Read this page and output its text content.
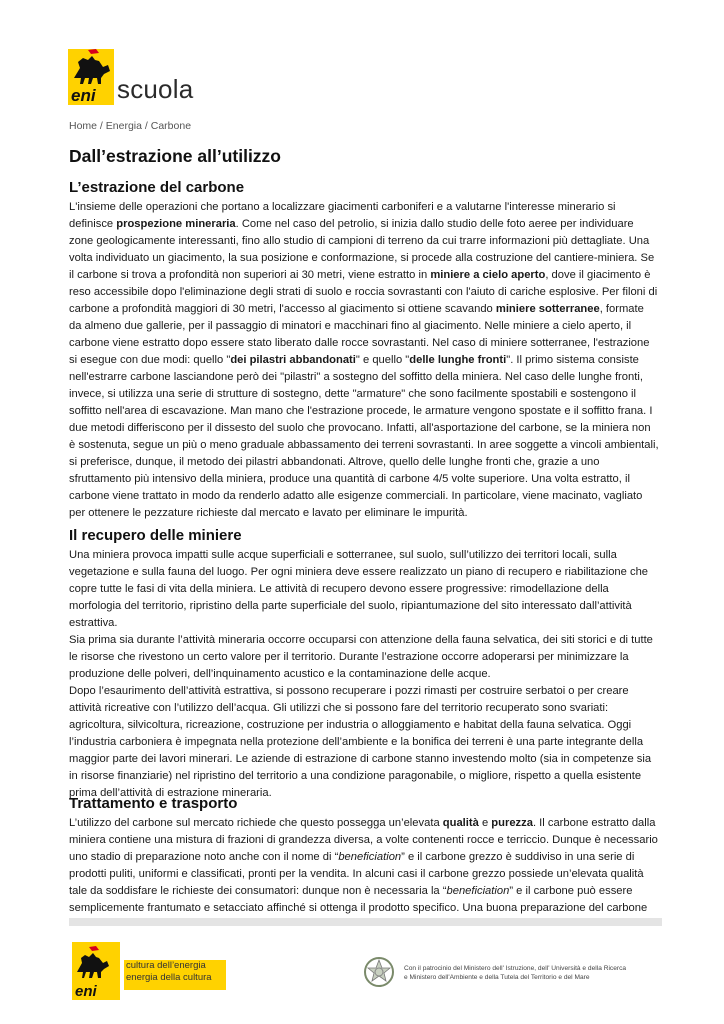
eni scuola
Home / Energia / Carbone
Dall’estrazione all’utilizzo
L’estrazione del carbone

L'insieme delle operazioni che portano a localizzare giacimenti carboniferi e a valutarne l'interesse minerario si definisce prospezione mineraria. Come nel caso del petrolio, si inizia dallo studio delle foto aeree per individuare zone geologicamente interessanti, fino allo studio di campioni di terreno da cui trarre informazioni più dettagliate. Una volta individuato un giacimento, la sua posizione e conformazione, si procede alla costruzione del cantiere-miniera. Se il carbone si trova a profondità non superiori ai 30 metri, viene estratto in miniere a cielo aperto, dove il giacimento è reso accessibile dopo l'eliminazione degli strati di suolo e roccia sovrastanti con l'aiuto di cariche esplosive. Per filoni di carbone a profondità maggiori di 30 metri, l'accesso al giacimento si ottiene scavando miniere sotterranee, formate da almeno due gallerie, per il passaggio di minatori e macchinari fino al giacimento. Nelle miniere a cielo aperto, il carbone viene estratto dopo essere stato liberato dalle rocce sovrastanti. Nel caso di miniere sotterranee, l'estrazione si esegue con due modi: quello "dei pilastri abbandonati" e quello "delle lunghe fronti". Il primo sistema consiste nell'estrarre carbone lasciandone però dei "pilastri" a sostegno del soffitto della miniera. Nel caso delle lunghe fronti, invece, si utilizza una serie di strutture di sostegno, dette "armature" che sono facilmente spostabili e sostengono il soffitto nell'area di escavazione. Man mano che l'estrazione procede, le armature vengono spostate e il soffitto frana. I due metodi differiscono per il dissesto del suolo che provocano. Infatti, all'asportazione del carbone, se la miniera non è sostenuta, segue un più o meno graduale abbassamento dei terreni sovrastanti. In aree soggette a vincoli ambientali, si preferisce, dunque, il metodo dei pilastri abbandonati. Altrove, quello delle lunghe fronti che, grazie a uno sfruttamento più intensivo della miniera, produce una quantità di carbone 4/5 volte superiore. Una volta estratto, il carbone viene trattato in modo da renderlo adatto alle esigenze commerciali. In particolare, viene macinato, vagliato per ottenere le pezzature richieste dal mercato e lavato per eliminare le impurità.

Il recupero delle miniere

Una miniera provoca impatti sulle acque superficiali e sotterranee, sul suolo, sull’utilizzo dei territori locali, sulla vegetazione e sulla fauna del luogo. Per ogni miniera deve essere realizzato un piano di recupero e riabilitazione che copre tutte le fasi di vita della miniera. Le attività di recupero devono essere progressive: rimodellazione della morfologia del territorio, ripristino della parte superficiale del suolo, ripiantumazione del sito interessato dall’attività estrattiva.
Sia prima sia durante l’attività mineraria occorre occuparsi con attenzione della fauna selvatica, dei siti storici e di tutte le risorse che rivestono un certo valore per il territorio. Durante l’estrazione occorre adoperarsi per minimizzare la produzione delle polveri, dell’inquinamento acustico e la contaminazione delle acque.
Dopo l’esaurimento dell’attività estrattiva, si possono recuperare i pozzi rimasti per costruire serbatoi o per creare attività ricreative con l’utilizzo dell’acqua. Gli utilizzi che si possono fare del territorio recuperato sono svariati: agricoltura, silvicoltura, ricreazione, costruzione per industria o alloggiamento e habitat della fauna selvatica. Oggi l’industria carboniera è impegnata nella protezione dell’ambiente e la bonifica dei terreni è una parte integrante della maggior parte dei lavori minerari. Le aziende di estrazione di carbone stanno investendo molto (sia in competenze sia in risorse finanziarie) nel ripristino del territorio a una condizione paragonabile, o migliore, rispetto a quella esistente prima dell’attività di estrazione mineraria.

Trattamento e trasporto

L’utilizzo del carbone sul mercato richiede che questo possegga un’elevata qualità e purezza. Il carbone estratto dalla miniera contiene una mistura di frazioni di grandezza diversa, a volte contenenti rocce e terriccio. Dunque è necessario uno stadio di preparazione noto anche con il nome di “beneficiation” e il carbone grezzo è suddiviso in una serie di prodotti puliti, uniformi e classificati, pronti per la vendita. In alcuni casi il carbone grezzo possiede un’elevata qualità tale da soddisfare le richieste dei consumatori: dunque non è necessaria la “beneficiation” e il carbone può essere semplicemente frantumato e setacciato affinché si ottenga il prodotto specifico. Una buona preparazione del carbone

eni
cultura dell’energia
energia della cultura
Con il patrocinio del Ministero dell' Istruzione, dell' Università e della Ricerca
e Ministero dell'Ambiente e della Tutela del Territorio e del Mare
